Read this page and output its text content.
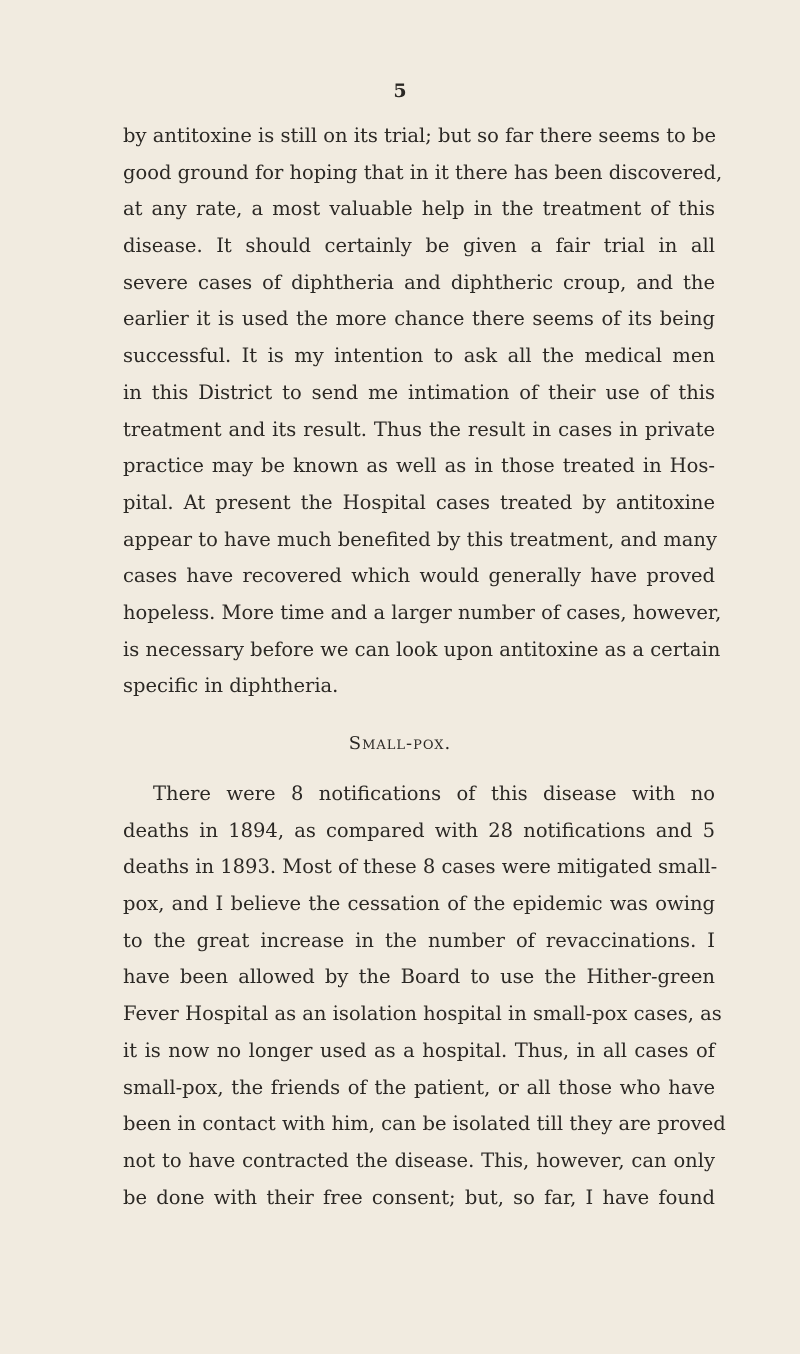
5
by antitoxine is still on its trial; but so far there seems to be
good ground for hoping that in it there has been discovered,
at any rate, a most valuable help in the treatment of this
disease. It should certainly be given a fair trial in all
severe cases of diphtheria and diphtheric croup, and the
earlier it is used the more chance there seems of its being
successful. It is my intention to ask all the medical men
in this District to send me intimation of their use of this
treatment and its result. Thus the result in cases in private
practice may be known as well as in those treated in Hos-
pital. At present the Hospital cases treated by antitoxine
appear to have much benefited by this treatment, and many
cases have recovered which would generally have proved
hopeless. More time and a larger number of cases, however,
is necessary before we can look upon antitoxine as a certain
specific in diphtheria.
Small-pox.
There were 8 notifications of this disease with no
deaths in 1894, as compared with 28 notifications and 5
deaths in 1893. Most of these 8 cases were mitigated small-
pox, and I believe the cessation of the epidemic was owing
to the great increase in the number of revaccinations. I
have been allowed by the Board to use the Hither-green
Fever Hospital as an isolation hospital in small-pox cases, as
it is now no longer used as a hospital. Thus, in all cases of
small-pox, the friends of the patient, or all those who have
been in contact with him, can be isolated till they are proved
not to have contracted the disease. This, however, can only
be done with their free consent; but, so far, I have found
